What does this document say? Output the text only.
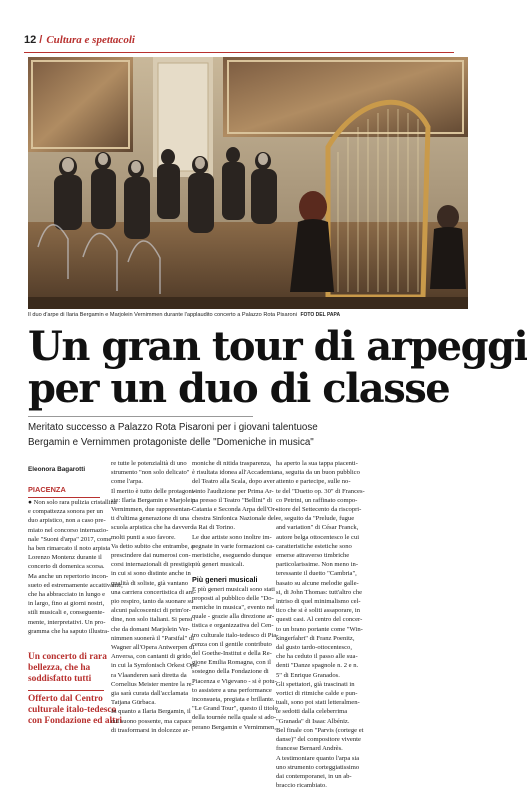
12 / Cultura e spettacoli
Il duo d'arpe di Ilaria Bergamin e Marjolein Vernimmen durante l'applaudito concerto a Palazzo Rota Pisaroni FOTO DEL PAPA
Un gran tour di arpeggi
per un duo di classe
Meritato successo a Palazzo Rota Pisaroni per i giovani talentuose
Bergamin e Vernimmen protagoniste delle "Domeniche in musica"
Eleonora Bagarotti
PIACENZA
● Non solo rara pulizia cristallina
e compattezza sonora per un
duo arpistico, non a caso pre-
miato nel concorso internazio-
nale "Suoni d'arpa" 2017, come
ha ben rimarcato il noto arpista
Lorenzo Montenz durante il
concerto di domenica scorsa.
Ma anche un repertorio incon-
sueto ed estremamente accattivante,
che ha abbracciato in lungo e
in largo, fino ai giorni nostri,
stili musicali e, conseguente-
mente, interpretativi. Un pro-
gramma che ha saputo illustra-
Un concerto di rara
bellezza, che ha
soddisfatto tutti
Offerto dal Centro
culturale italo-tedesco
con Fondazione ed altri
re tutte le potenzialità di uno
strumento "non solo delicato"
come l'arpa.
Il merito è tutto delle protagoni-
ste: Ilaria Bergamin e Marjolein
Vernimmen, due rappresentan-
ti d'ultima generazione di una
scuola arpistica che ha davvero
molti punti a suo favore.
Va detto subito che entrambe, a
prescindere dai numerosi con-
corsi internazionali di prestigio
in cui si sono distinte anche in
qualità di soliste, già vantano
una carriera concertistica di am-
pio respiro, tanto da suonare su
alcuni palcoscenici di prim'or-
dine, non solo italiani. Si pensi
che da domani Marjolein Ver-
nimmen suonerà il "Parsifal" di
Wagner all'Opera Antwerpen di
Anversa, con cantanti di grido,
in cui la Symfonisch Orkest Ope-
ra Vlaanderen sarà diretta da
Cornelius Meister mentre la re-
gia sarà curata dall'acclamata
Tatjana Gürbaca.
In quanto a Ilaria Bergamin, il
cui suono possente, ma capace
di trasformarsi in dolcezze ar-
moniche di nitida trasparenza,
è risultata idonea all'Accademia
del Teatro alla Scala, dopo aver
vinto l'audizione per Prima Ar-
pa presso il Teatro "Bellini" di
Catania e Seconda Arpa dell'Or-
chestra Sinfonica Nazionale del-
la Rai di Torino.
Le due artiste sono inoltre im-
pegnate in varie formazioni ca-
meristiche, eseguendo dunque
più generi musicali.
Più generi musicali
E più generi musicali sono stati
proposti al pubblico delle "Do-
meniche in musica", evento nel
quale - grazie alla direzione ar-
tistica e organizzativa del Cen-
tro culturale italo-tedesco di Pia-
cenza con il gentile contributo
del Goethe-Institut e della Re-
gione Emilia Romagna, con il
sostegno della Fondazione di
Piacenza e Vigevano - si è potu-
to assistere a una performance
inconsueta, pregiata e brillante.
"Le Grand Tour", questo il titolo
della tournée nella quale si ado-
perano Bergamin e Vernimmen,
ha aperto la sua tappa piacenti-
na, seguita da un buon pubblico
attento e partecipe, sulle no-
te del "Duetto op. 30" di Frances-
co Petrini, un raffinato compo-
sitore del Settecento da riscopri-
re, seguito da "Prelude, fugue
and variation" di César Franck,
autore belga ottocentesco le cui
caratteristiche estetiche sono
emerse attraverso timbriche
particolarissime. Non meno in-
teressante il duetto "Cambria",
basato su alcune melodie galle-
si, di John Thomas: tutt'altro che
intriso di quel minimalismo cel-
tico che si è soliti assaporare, in
questi casi. Al centro del concer-
to un brano portante come "Win-
kingerfahrt" di Franz Poenitz,
dal gusto tardo-ottocentesco,
che ha ceduto il passo alle sua-
denti "Danze spagnole n. 2 e n.
5" di Enrique Granados.
Gli spettatori, già trascinati in
vortici di ritmiche calde e pun-
tuali, sono poi stati letteralmen-
te sedotti dalla celeberrima
"Granada" di Isaac Albéniz.
Bel finale con "Parvis (cortege et
danse)" del compositore vivente
francese Bernard Andrès.
A testimoniare quanto l'arpa sia
uno strumento corteggiatissimo
dai contemporanei, in un ab-
braccio ricambiato.
